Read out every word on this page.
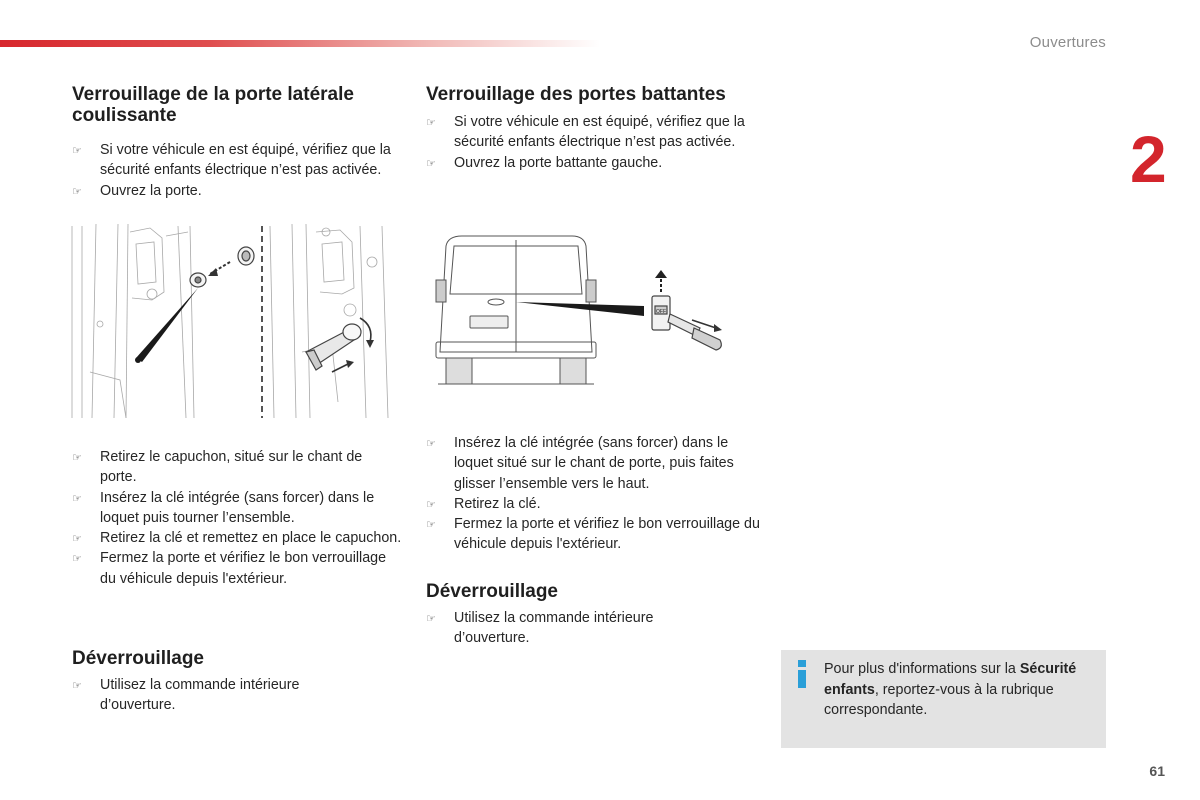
Ouvertures
2
61
Verrouillage de la porte latérale coulissante
☞ Si votre véhicule en est équipé, vérifiez que la sécurité enfants électrique n’est pas activée.
☞ Ouvrez la porte.
☞ Retirez le capuchon, situé sur le chant de porte.
☞ Insérez la clé intégrée (sans forcer) dans le loquet puis tourner l’ensemble.
☞ Retirez la clé et remettez en place le capuchon.
☞ Fermez la porte et vérifiez le bon verrouillage du véhicule depuis l'extérieur.
Déverrouillage
☞ Utilisez la commande intérieure d’ouverture.
Verrouillage des portes battantes
☞ Si votre véhicule en est équipé, vérifiez que la sécurité enfants électrique n’est pas activée.
☞ Ouvrez la porte battante gauche.
OFF
☞ Insérez la clé intégrée (sans forcer) dans le loquet situé sur le chant de porte, puis faites glisser l’ensemble vers le haut.
☞ Retirez la clé.
☞ Fermez la porte et vérifiez le bon verrouillage du véhicule depuis l'extérieur.
Déverrouillage
☞ Utilisez la commande intérieure d’ouverture.
Pour plus d'informations sur la Sécurité enfants, reportez-vous à la rubrique correspondante.
